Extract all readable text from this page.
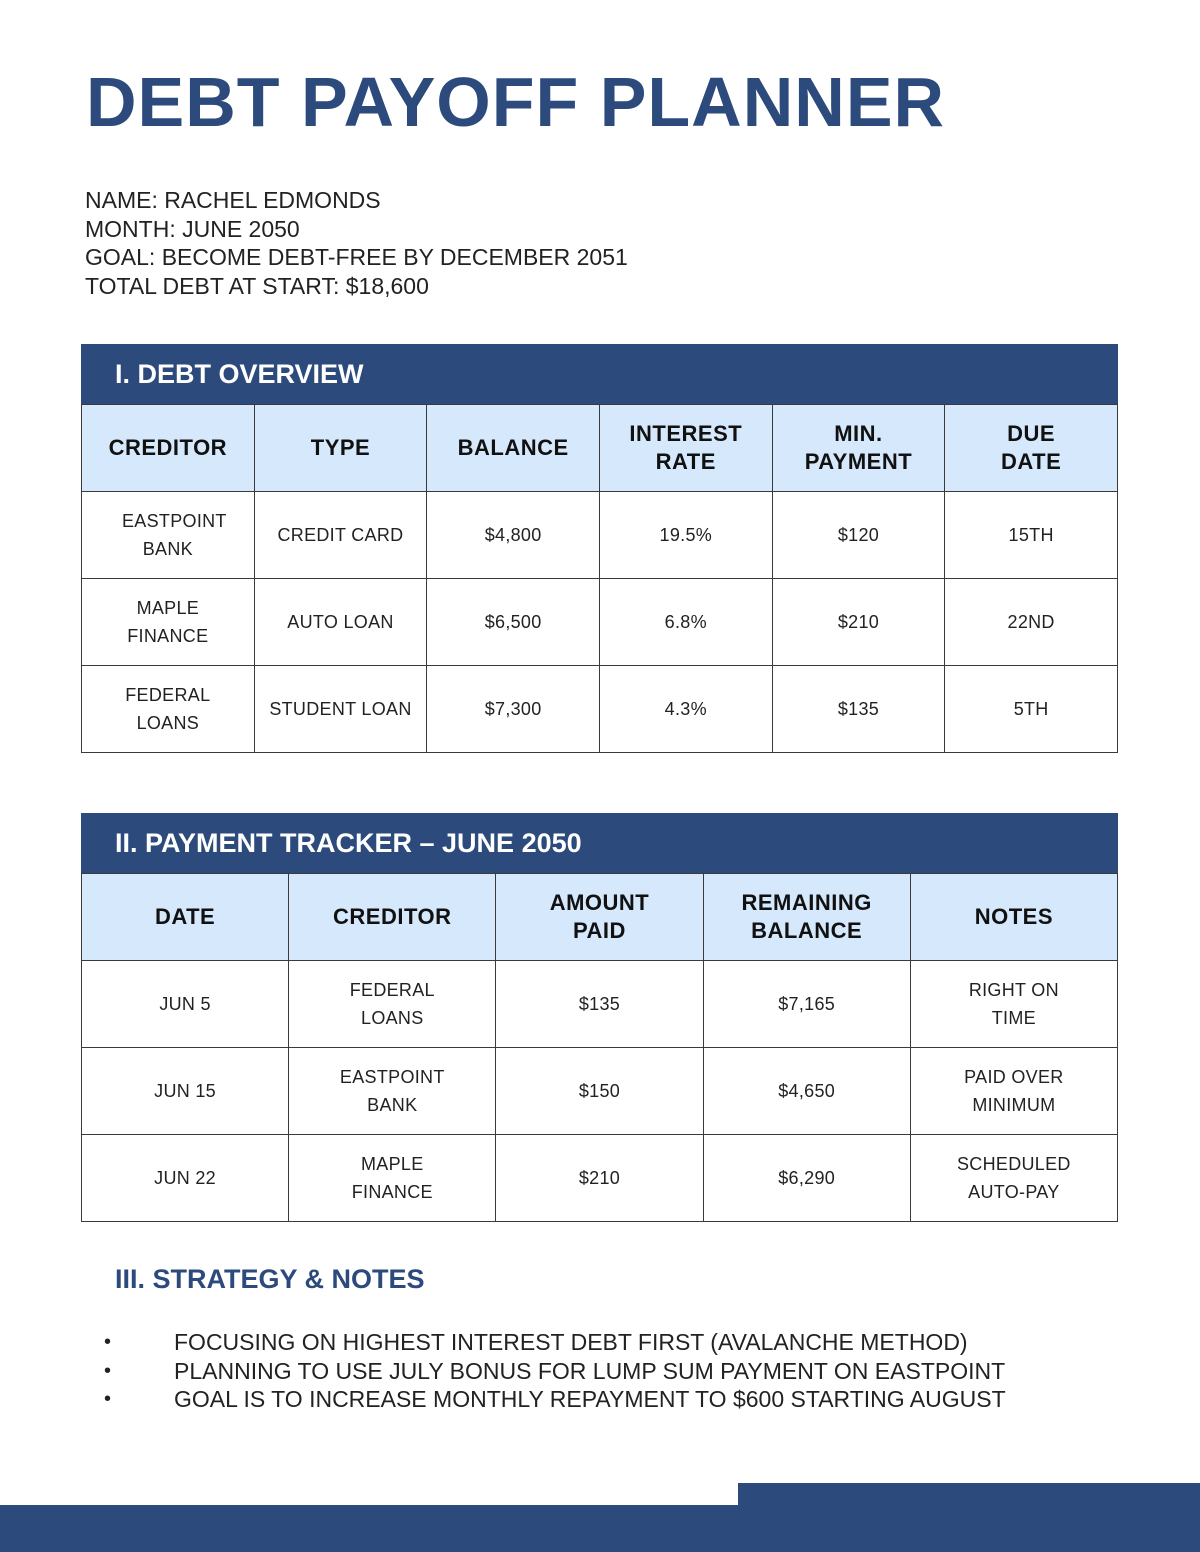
DEBT PAYOFF PLANNER
NAME: RACHEL EDMONDS
MONTH: JUNE 2050
GOAL: BECOME DEBT-FREE BY DECEMBER 2051
TOTAL DEBT AT START: $18,600
I. DEBT OVERVIEW
CREDITOR	TYPE	BALANCE	INTEREST RATE	MIN. PAYMENT	DUE DATE
EASTPOINT BANK	CREDIT CARD	$4,800	19.5%	$120	15TH
MAPLE FINANCE	AUTO LOAN	$6,500	6.8%	$210	22ND
FEDERAL LOANS	STUDENT LOAN	$7,300	4.3%	$135	5TH
II. PAYMENT TRACKER – JUNE 2050
DATE	CREDITOR	AMOUNT PAID	REMAINING BALANCE	NOTES
JUN 5	FEDERAL LOANS	$135	$7,165	RIGHT ON TIME
JUN 15	EASTPOINT BANK	$150	$4,650	PAID OVER MINIMUM
JUN 22	MAPLE FINANCE	$210	$6,290	SCHEDULED AUTO-PAY
III. STRATEGY & NOTES
•	FOCUSING ON HIGHEST INTEREST DEBT FIRST (AVALANCHE METHOD)
•	PLANNING TO USE JULY BONUS FOR LUMP SUM PAYMENT ON EASTPOINT
•	GOAL IS TO INCREASE MONTHLY REPAYMENT TO $600 STARTING AUGUST
